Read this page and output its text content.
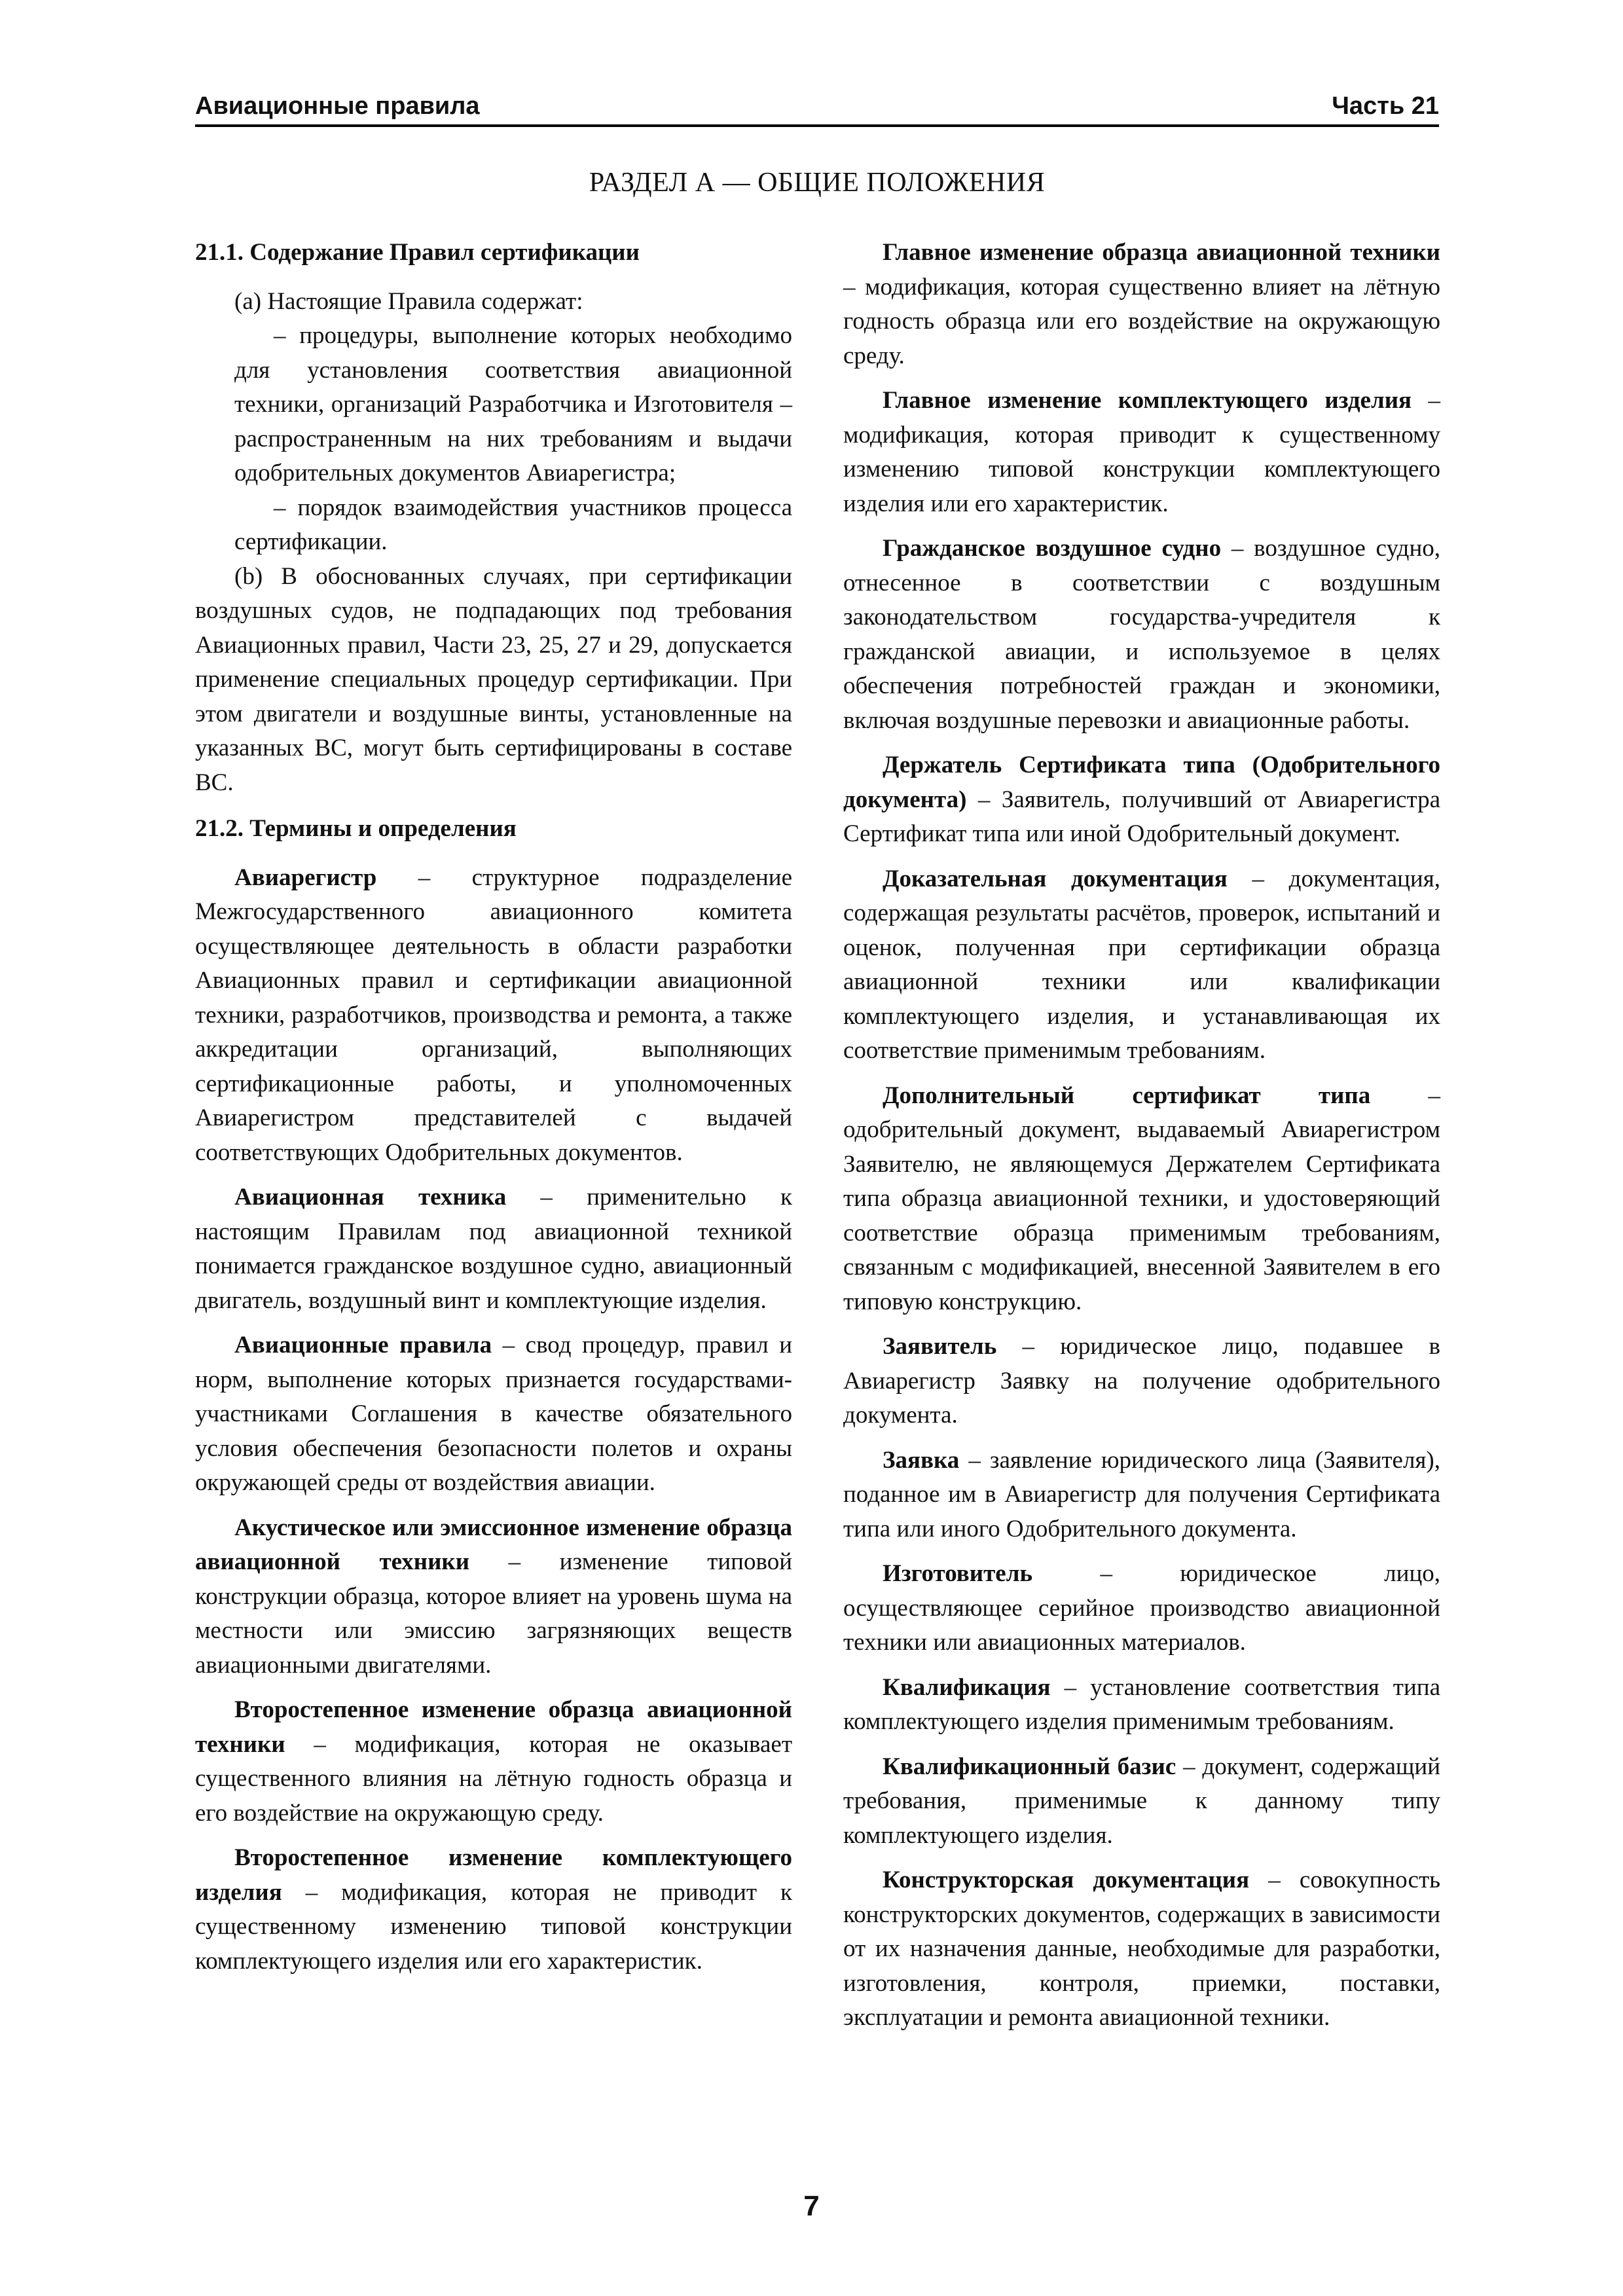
Авиационные правила	Часть 21
РАЗДЕЛ А — ОБЩИЕ ПОЛОЖЕНИЯ

21.1. Содержание Правил сертификации

(a) Настоящие Правила содержат:

– процедуры, выполнение которых необходимо для установления соответствия авиационной техники, организаций Разработчика и Изготовителя – распространенным на них требованиям и выдачи одобрительных документов Авиарегистра;

– порядок взаимодействия участников процесса сертификации.

(b) В обоснованных случаях, при сертификации воздушных судов, не подпадающих под требования Авиационных правил, Части 23, 25, 27 и 29, допускается применение специальных процедур сертификации. При этом двигатели и воздушные винты, установленные на указанных ВС, могут быть сертифицированы в составе ВС.

21.2. Термины и определения

Авиарегистр – структурное подразделение Межгосударственного авиационного комитета осуществляющее деятельность в области разработки Авиационных правил и сертификации авиационной техники, разработчиков, производства и ремонта, а также аккредитации организаций, выполняющих сертификационные работы, и уполномоченных Авиарегистром представителей с выдачей соответствующих Одобрительных документов.

Авиационная техника – применительно к настоящим Правилам под авиационной техникой понимается гражданское воздушное судно, авиационный двигатель, воздушный винт и комплектующие изделия.

Авиационные правила – свод процедур, правил и норм, выполнение которых признается государствами-участниками Соглашения в качестве обязательного условия обеспечения безопасности полетов и охраны окружающей среды от воздействия авиации.

Акустическое или эмиссионное изменение образца авиационной техники – изменение типовой конструкции образца, которое влияет на уровень шума на местности или эмиссию загрязняющих веществ авиационными двигателями.

Второстепенное изменение образца авиационной техники – модификация, которая не оказывает существенного влияния на лётную годность образца и его воздействие на окружающую среду.

Второстепенное изменение комплектующего изделия – модификация, которая не приводит к существенному изменению типовой конструкции комплектующего изделия или его характеристик.

Главное изменение образца авиационной техники – модификация, которая существенно влияет на лётную годность образца или его воздействие на окружающую среду.

Главное изменение комплектующего изделия – модификация, которая приводит к существенному изменению типовой конструкции комплектующего изделия или его характеристик.

Гражданское воздушное судно – воздушное судно, отнесенное в соответствии с воздушным законодательством государства-учредителя к гражданской авиации, и используемое в целях обеспечения потребностей граждан и экономики, включая воздушные перевозки и авиационные работы.

Держатель Сертификата типа (Одобрительного документа) – Заявитель, получивший от Авиарегистра Сертификат типа или иной Одобрительный документ.

Доказательная документация – документация, содержащая результаты расчётов, проверок, испытаний и оценок, полученная при сертификации образца авиационной техники или квалификации комплектующего изделия, и устанавливающая их соответствие применимым требованиям.

Дополнительный сертификат типа – одобрительный документ, выдаваемый Авиарегистром Заявителю, не являющемуся Держателем Сертификата типа образца авиационной техники, и удостоверяющий соответствие образца применимым требованиям, связанным с модификацией, внесенной Заявителем в его типовую конструкцию.

Заявитель – юридическое лицо, подавшее в Авиарегистр Заявку на получение одобрительного документа.

Заявка – заявление юридического лица (Заявителя), поданное им в Авиарегистр для получения Сертификата типа или иного Одобрительного документа.

Изготовитель – юридическое лицо, осуществляющее серийное производство авиационной техники или авиационных материалов.

Квалификация – установление соответствия типа комплектующего изделия применимым требованиям.

Квалификационный базис – документ, содержащий требования, применимые к данному типу комплектующего изделия.

Конструкторская документация – совокупность конструкторских документов, содержащих в зависимости от их назначения данные, необходимые для разработки, изготовления, контроля, приемки, поставки, эксплуатации и ремонта авиационной техники.

7
